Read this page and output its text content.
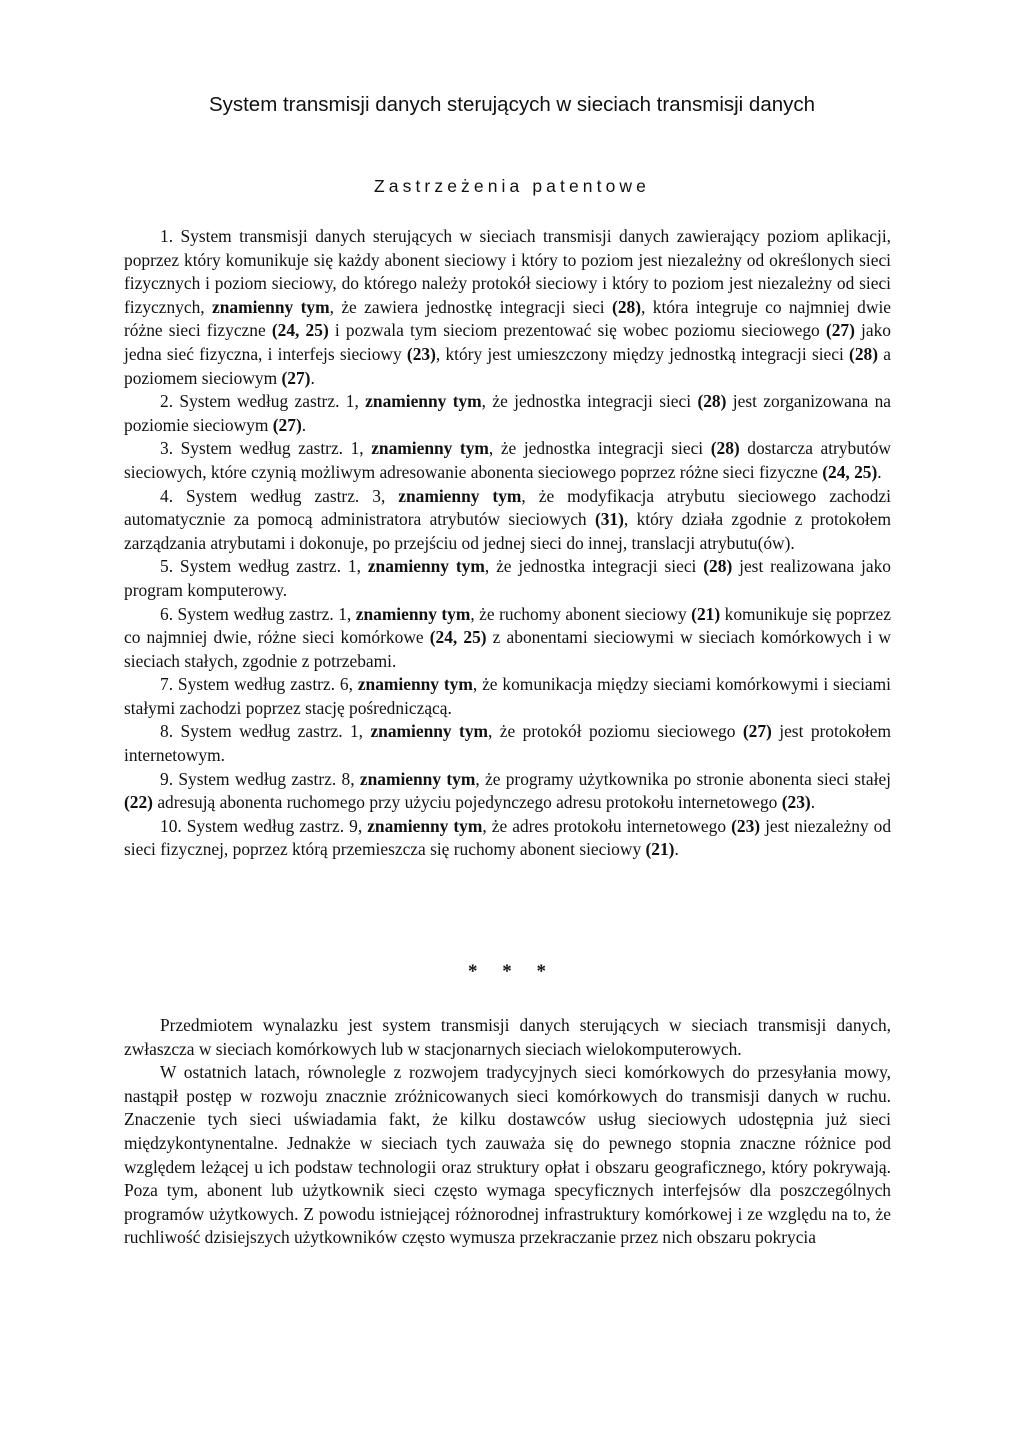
System transmisji danych sterujących w sieciach transmisji danych
Zastrzeżenia patentowe

1. System transmisji danych sterujących w sieciach transmisji danych zawierający poziom aplikacji, poprzez który komunikuje się każdy abonent sieciowy i który to poziom jest niezależny od określonych sieci fizycznych i poziom sieciowy, do którego należy protokół sieciowy i który to poziom jest niezależny od sieci fizycznych, znamienny tym, że zawiera jednostkę integracji sieci (28), która integruje co najmniej dwie różne sieci fizyczne (24, 25) i pozwala tym sieciom prezentować się wobec poziomu sieciowego (27) jako jedna sieć fizyczna, i interfejs sieciowy (23), który jest umieszczony między jednostką integracji sieci (28) a poziomem sieciowym (27).

2. System według zastrz. 1, znamienny tym, że jednostka integracji sieci (28) jest zorganizowana na poziomie sieciowym (27).

3. System według zastrz. 1, znamienny tym, że jednostka integracji sieci (28) dostarcza atrybutów sieciowych, które czynią możliwym adresowanie abonenta sieciowego poprzez różne sieci fizyczne (24, 25).

4. System według zastrz. 3, znamienny tym, że modyfikacja atrybutu sieciowego zachodzi automatycznie za pomocą administratora atrybutów sieciowych (31), który działa zgodnie z protokołem zarządzania atrybutami i dokonuje, po przejściu od jednej sieci do innej, translacji atrybutu(ów).

5. System według zastrz. 1, znamienny tym, że jednostka integracji sieci (28) jest realizowana jako program komputerowy.

6. System według zastrz. 1, znamienny tym, że ruchomy abonent sieciowy (21) komunikuje się poprzez co najmniej dwie, różne sieci komórkowe (24, 25) z abonentami sieciowymi w sieciach komórkowych i w sieciach stałych, zgodnie z potrzebami.

7. System według zastrz. 6, znamienny tym, że komunikacja między sieciami komórkowymi i sieciami stałymi zachodzi poprzez stację pośredniczącą.

8. System według zastrz. 1, znamienny tym, że protokół poziomu sieciowego (27) jest protokołem internetowym.

9. System według zastrz. 8, znamienny tym, że programy użytkownika po stronie abonenta sieci stałej (22) adresują abonenta ruchomego przy użyciu pojedynczego adresu protokołu internetowego (23).

10. System według zastrz. 9, znamienny tym, że adres protokołu internetowego (23) jest niezależny od sieci fizycznej, poprzez którą przemieszcza się ruchomy abonent sieciowy (21).

* * *

Przedmiotem wynalazku jest system transmisji danych sterujących w sieciach transmisji danych, zwłaszcza w sieciach komórkowych lub w stacjonarnych sieciach wielokomputerowych.

W ostatnich latach, równolegle z rozwojem tradycyjnych sieci komórkowych do przesyłania mowy, nastąpił postęp w rozwoju znacznie zróżnicowanych sieci komórkowych do transmisji danych w ruchu. Znaczenie tych sieci uświadamia fakt, że kilku dostawców usług sieciowych udostępnia już sieci międzykontynentalne. Jednakże w sieciach tych zauważa się do pewnego stopnia znaczne różnice pod względem leżącej u ich podstaw technologii oraz struktury opłat i obszaru geograficznego, który pokrywają. Poza tym, abonent lub użytkownik sieci często wymaga specyficznych interfejsów dla poszczególnych programów użytkowych. Z powodu istniejącej różnorodnej infrastruktury komórkowej i ze względu na to, że ruchliwość dzisiejszych użytkowników często wymusza przekraczanie przez nich obszaru pokrycia
